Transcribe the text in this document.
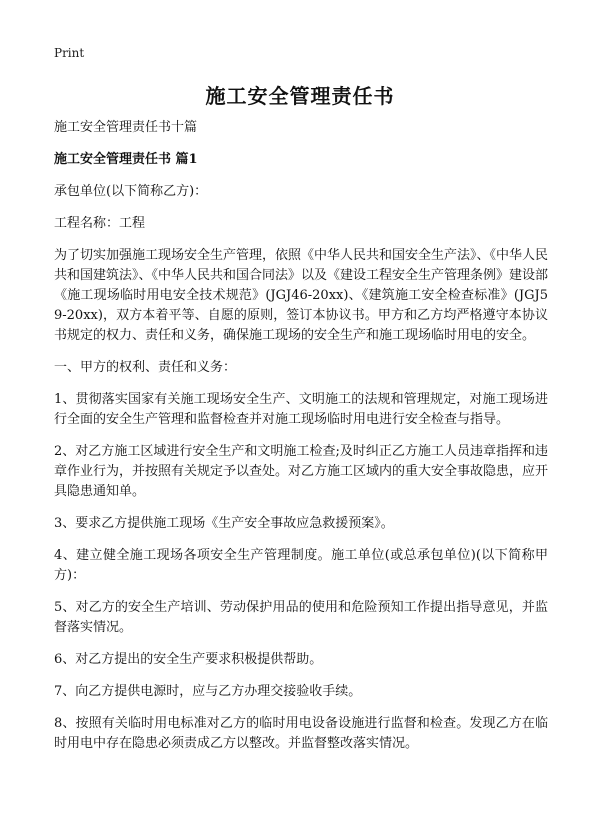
Print
施工安全管理责任书

施工安全管理责任书十篇

施工安全管理责任书 篇1

承包单位(以下简称乙方)：

工程名称：工程

为了切实加强施工现场安全生产管理，依照《中华人民共和国安全生产法》、《中华人民共和国建筑法》、《中华人民共和国合同法》以及《建设工程安全生产管理条例》建设部《施工现场临时用电安全技术规范》(JGJ46-20xx)、《建筑施工安全检查标准》(JGJ59-20xx)，双方本着平等、自愿的原则，签订本协议书。甲方和乙方均严格遵守本协议书规定的权力、责任和义务，确保施工现场的安全生产和施工现场临时用电的安全。

一、甲方的权利、责任和义务：

1、贯彻落实国家有关施工现场安全生产、文明施工的法规和管理规定，对施工现场进行全面的安全生产管理和监督检查并对施工现场临时用电进行安全检查与指导。

2、对乙方施工区域进行安全生产和文明施工检查;及时纠正乙方施工人员违章指挥和违章作业行为，并按照有关规定予以查处。对乙方施工区域内的重大安全事故隐患，应开具隐患通知单。

3、要求乙方提供施工现场《生产安全事故应急救援预案》。

4、建立健全施工现场各项安全生产管理制度。施工单位(或总承包单位)(以下简称甲方)：

5、对乙方的安全生产培训、劳动保护用品的使用和危险预知工作提出指导意见，并监督落实情况。

6、对乙方提出的安全生产要求积极提供帮助。

7、向乙方提供电源时，应与乙方办理交接验收手续。

8、按照有关临时用电标准对乙方的临时用电设备设施进行监督和检查。发现乙方在临时用电中存在隐患必须责成乙方以整改。并监督整改落实情况。
